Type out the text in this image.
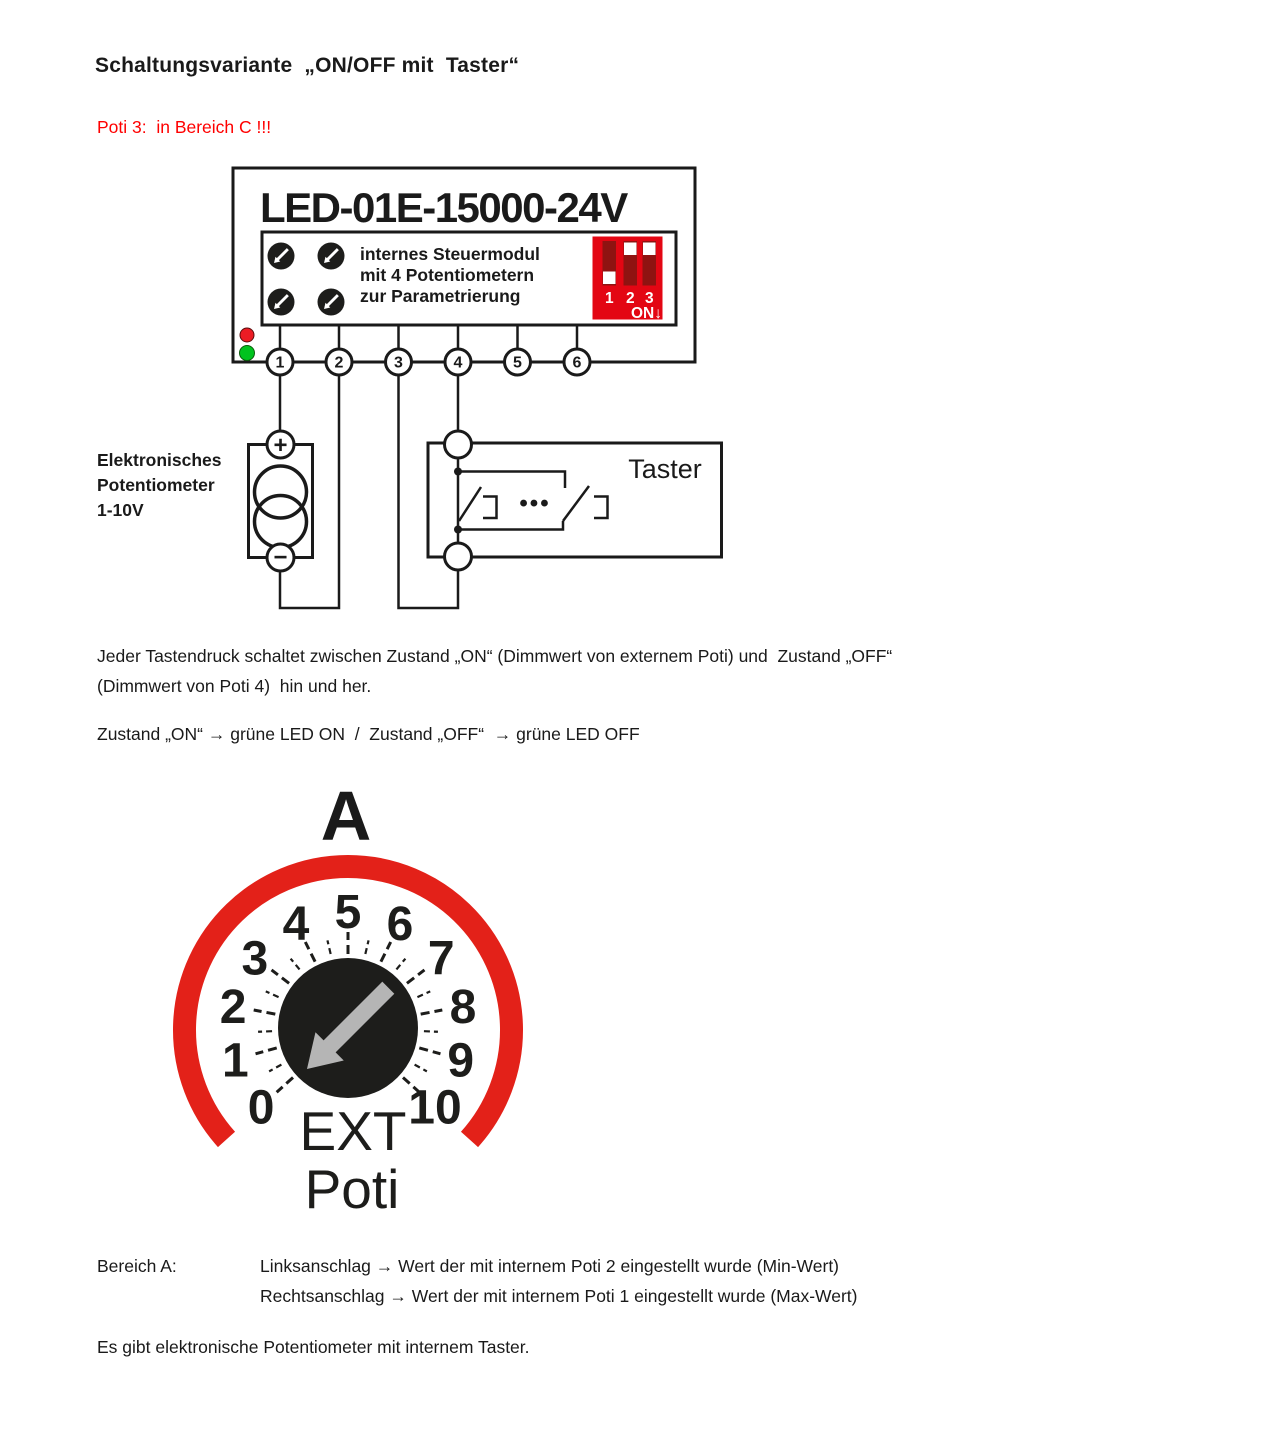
Schaltungsvariante  „ON/OFF mit  Taster“
Poti 3:  in Bereich C !!!
LED-01E-15000-24V
internes Steuermodul
mit 4 Potentiometern
zur Parametrierung	1 2 3
ON↓
1	2	3	4	5	6
+
−
Elektronisches
Potentiometer
1-10V	•••
Taster
Jeder Tastendruck schaltet zwischen Zustand „ON“ (Dimmwert von externem Poti) und  Zustand „OFF“
(Dimmwert von Poti 4)  hin und her.
Zustand „ON“ → grüne LED ON  /  Zustand „OFF“  → grüne LED OFF
A
0
1
2
3
4 5 6
7
8
9
10
EXT
Poti
Bereich A:	Linksanschlag → Wert der mit internem Poti 2 eingestellt wurde (Min-Wert)
Rechtsanschlag → Wert der mit internem Poti 1 eingestellt wurde (Max-Wert)
Es gibt elektronische Potentiometer mit internem Taster.
